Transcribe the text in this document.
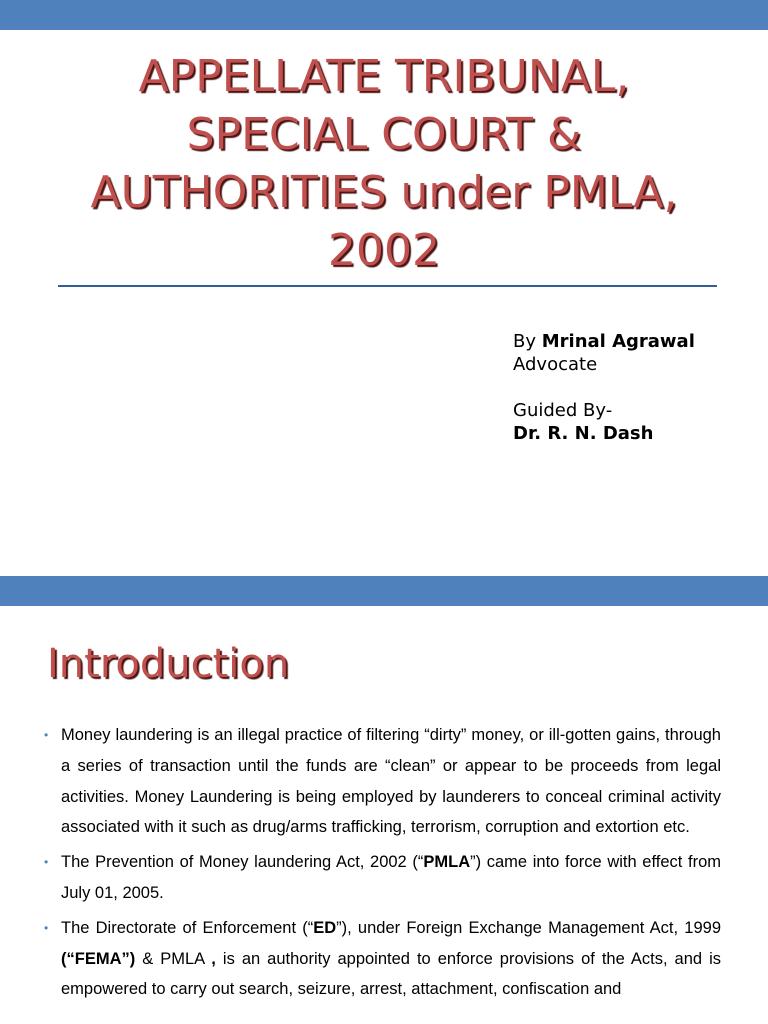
APPELLATE TRIBUNAL,
SPECIAL COURT &
AUTHORITIES under PMLA,
2002
By Mrinal Agrawal
Advocate
Guided By-
Dr. R. N. Dash
Introduction
• Money laundering is an illegal practice of filtering “dirty” money, or ill-gotten gains, through a series of transaction until the funds are “clean” or appear to be proceeds from legal activities. Money Laundering is being employed by launderers to conceal criminal activity associated with it such as drug/arms trafficking, terrorism, corruption and extortion etc.
• The Prevention of Money laundering Act, 2002 (“PMLA”) came into force with effect from July 01, 2005.
• The Directorate of Enforcement (“ED”), under Foreign Exchange Management Act, 1999 (“FEMA”) & PMLA , is an authority appointed to enforce provisions of the Acts, and is empowered to carry out search, seizure, arrest, attachment, confiscation and
